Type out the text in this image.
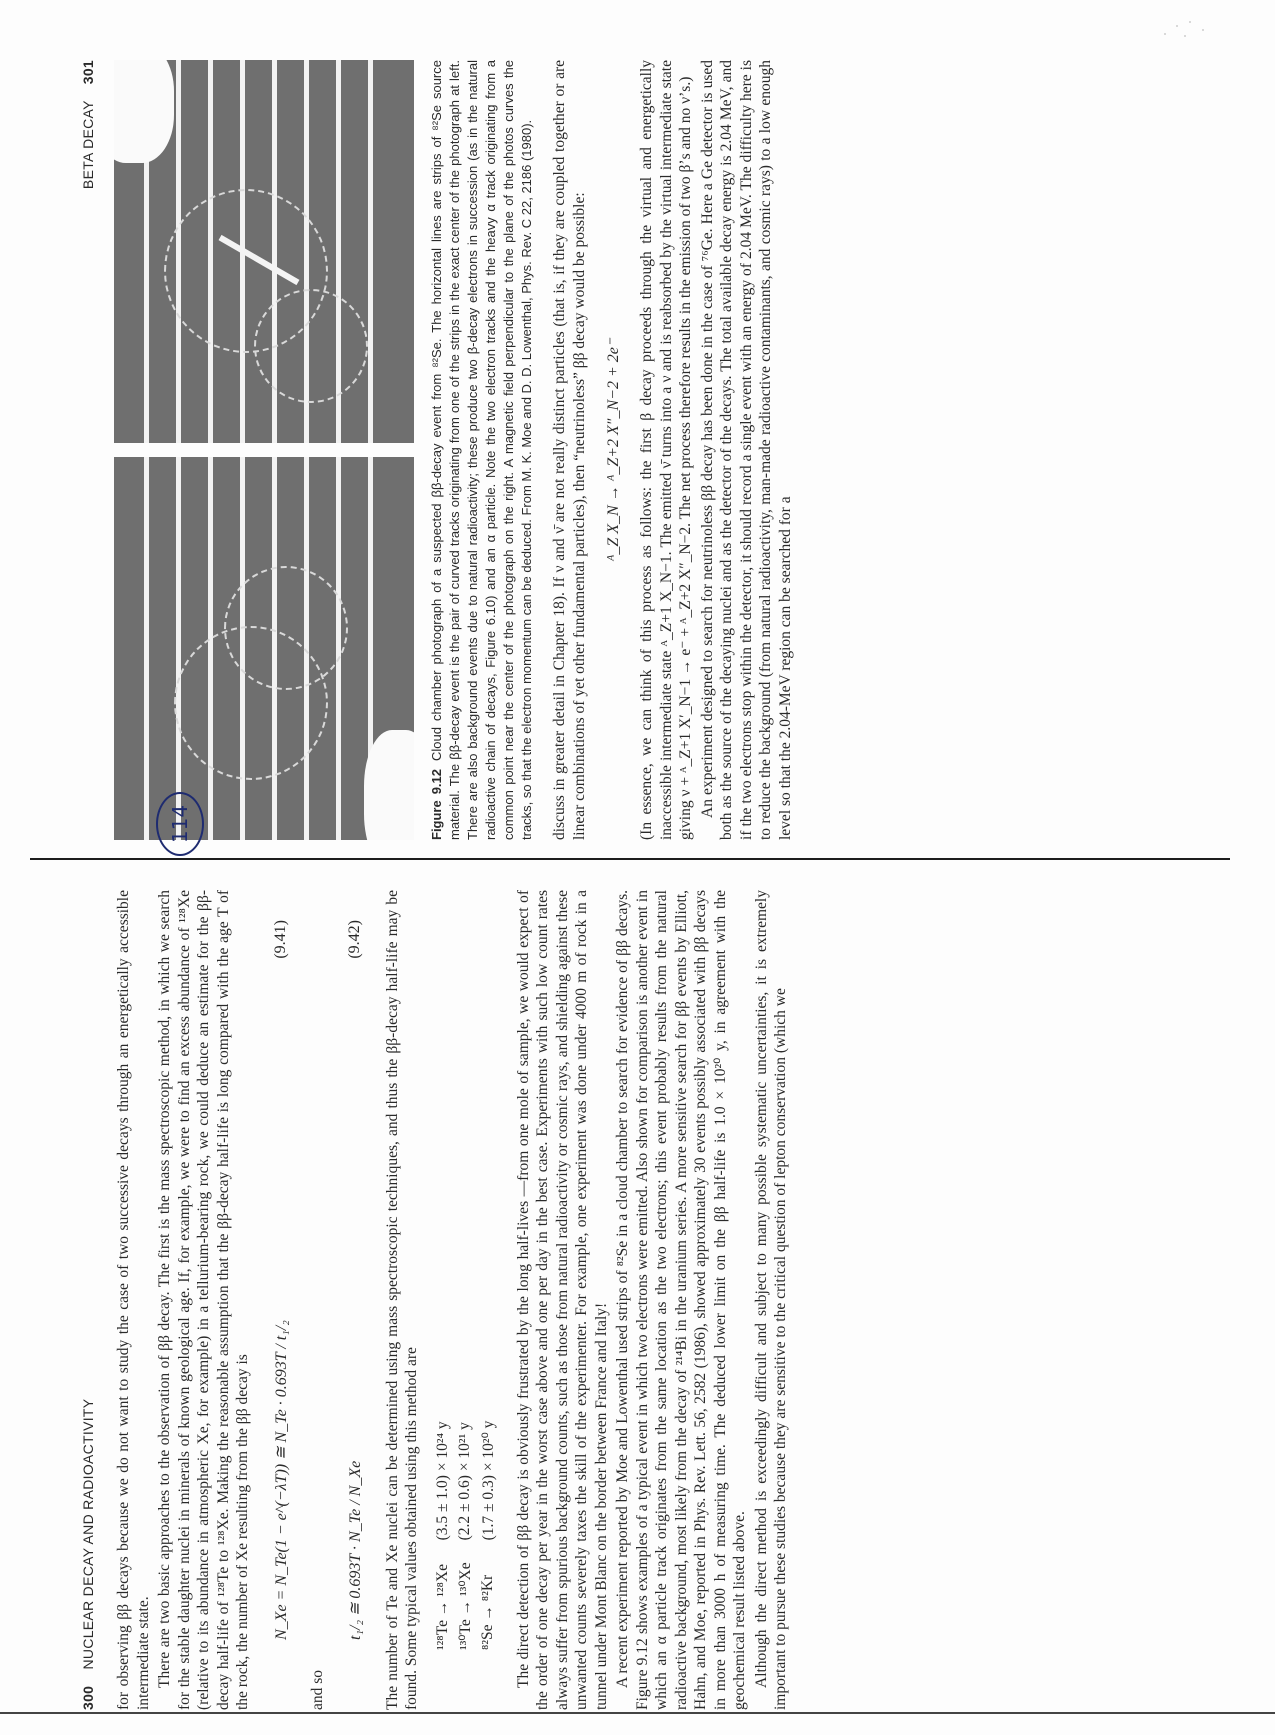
BETA DECAY 301
Figure 9.12Cloud chamber photograph of a suspected ββ-decay event from ⁸²Se. The horizontal lines are strips of ⁸²Se source material. The ββ-decay event is the pair of curved tracks originating from one of the strips in the exact center of the photograph at left. There are also background events due to natural radioactivity; these produce two β-decay electrons in succession (as in the natural radioactive chain of decays, Figure 6.10) and an α particle. Note the two electron tracks and the heavy α track originating from a common point near the center of the photograph on the right. A magnetic field perpendicular to the plane of the photos curves the tracks, so that the electron momentum can be deduced. From M. K. Moe and D. D. Lowenthal, Phys. Rev. C 22, 2186 (1980). discuss in greater detail in Chapter 18). If ν and ν̄ are not really distinct particles (that is, if they are coupled together or are linear combinations of yet other fundamental particles), then “neutrinoless” ββ decay would be possible: ᴬ_Z X_N → ᴬ_Z+2 X″_N−2 + 2e⁻ (In essence, we can think of this process as follows: the first β decay proceeds through the virtual and energetically inaccessible intermediate state ᴬ_Z+1 X_N−1. The emitted ν̄ turns into a ν and is reabsorbed by the virtual intermediate state giving ν + ᴬ_Z+1 X′_N−1 → e⁻ + ᴬ_Z+2 X″_N−2. The net process therefore results in the emission of two β’s and no ν’s.) An experiment designed to search for neutrinoless ββ decay has been done in the case of ⁷⁶Ge. Here a Ge detector is used both as the source of the decaying nuclei and as the detector of the decays. The total available decay energy is 2.04 MeV, and if the two electrons stop within the detector, it should record a single event with an energy of 2.04 MeV. The difficulty here is to reduce the background (from natural radioactivity, man-made radioactive contaminants, and cosmic rays) to a low enough level so that the 2.04-MeV region can be searched for a

300 NUCLEAR DECAY AND RADIOACTIVITY for observing ββ decays because we do not want to study the case of two successive decays through an energetically accessible intermediate state. There are two basic approaches to the observation of ββ decay. The first is the mass spectroscopic method, in which we search for the stable daughter nuclei in minerals of known geological age. If, for example, we were to find an excess abundance of ¹²⁸Xe (relative to its abundance in atmospheric Xe, for example) in a tellurium-bearing rock, we could deduce an estimate for the ββ-decay half-life of ¹²⁸Te to ¹²⁸Xe. Making the reasonable assumption that the ββ-decay half-life is long compared with the age T of the rock, the number of Xe resulting from the ββ decay is N_Xe = N_Te(1 − e^(−λT)) ≅ N_Te · 0.693T / t₁/₂
(9.41)

and so

t₁/₂ ≅ 0.693T · N_Te / N_Xe
(9.42) The number of Te and Xe nuclei can be determined using mass spectroscopic techniques, and thus the ββ-decay half-life may be found. Some typical values obtained using this method are ¹²⁸Te → ¹²⁸Xe	(3.5 ± 1.0) × 10²⁴ y
¹³⁰Te → ¹³⁰Xe	(2.2 ± 0.6) × 10²¹ y
⁸²Se → ⁸²Kr	(1.7 ± 0.3) × 10²⁰ y The direct detection of ββ decay is obviously frustrated by the long half-lives —from one mole of sample, we would expect of the order of one decay per year in the worst case above and one per day in the best case. Experiments with such low count rates always suffer from spurious background counts, such as those from natural radioactivity or cosmic rays, and shielding against these unwanted counts severely taxes the skill of the experimenter. For example, one experiment was done under 4000 m of rock in a tunnel under Mont Blanc on the border between France and Italy! A recent experiment reported by Moe and Lowenthal used strips of ⁸²Se in a cloud chamber to search for evidence of ββ decays. Figure 9.12 shows examples of a typical event in which two electrons were emitted. Also shown for comparison is another event in which an α particle track originates from the same location as the two electrons; this event probably results from the natural radioactive background, most likely from the decay of ²¹⁴Bi in the uranium series. A more sensitive search for ββ events by Elliott, Hahn, and Moe, reported in Phys. Rev. Lett. 56, 2582 (1986), showed approximately 30 events possibly associated with ββ decays in more than 3000 h of measuring time. The deduced lower limit on the ββ half-life is 1.0 × 10²⁰ y, in agreement with the geochemical result listed above. Although the direct method is exceedingly difficult and subject to many possible systematic uncertainties, it is extremely important to pursue these studies because they are sensitive to the critical question of lepton conservation (which we

114
